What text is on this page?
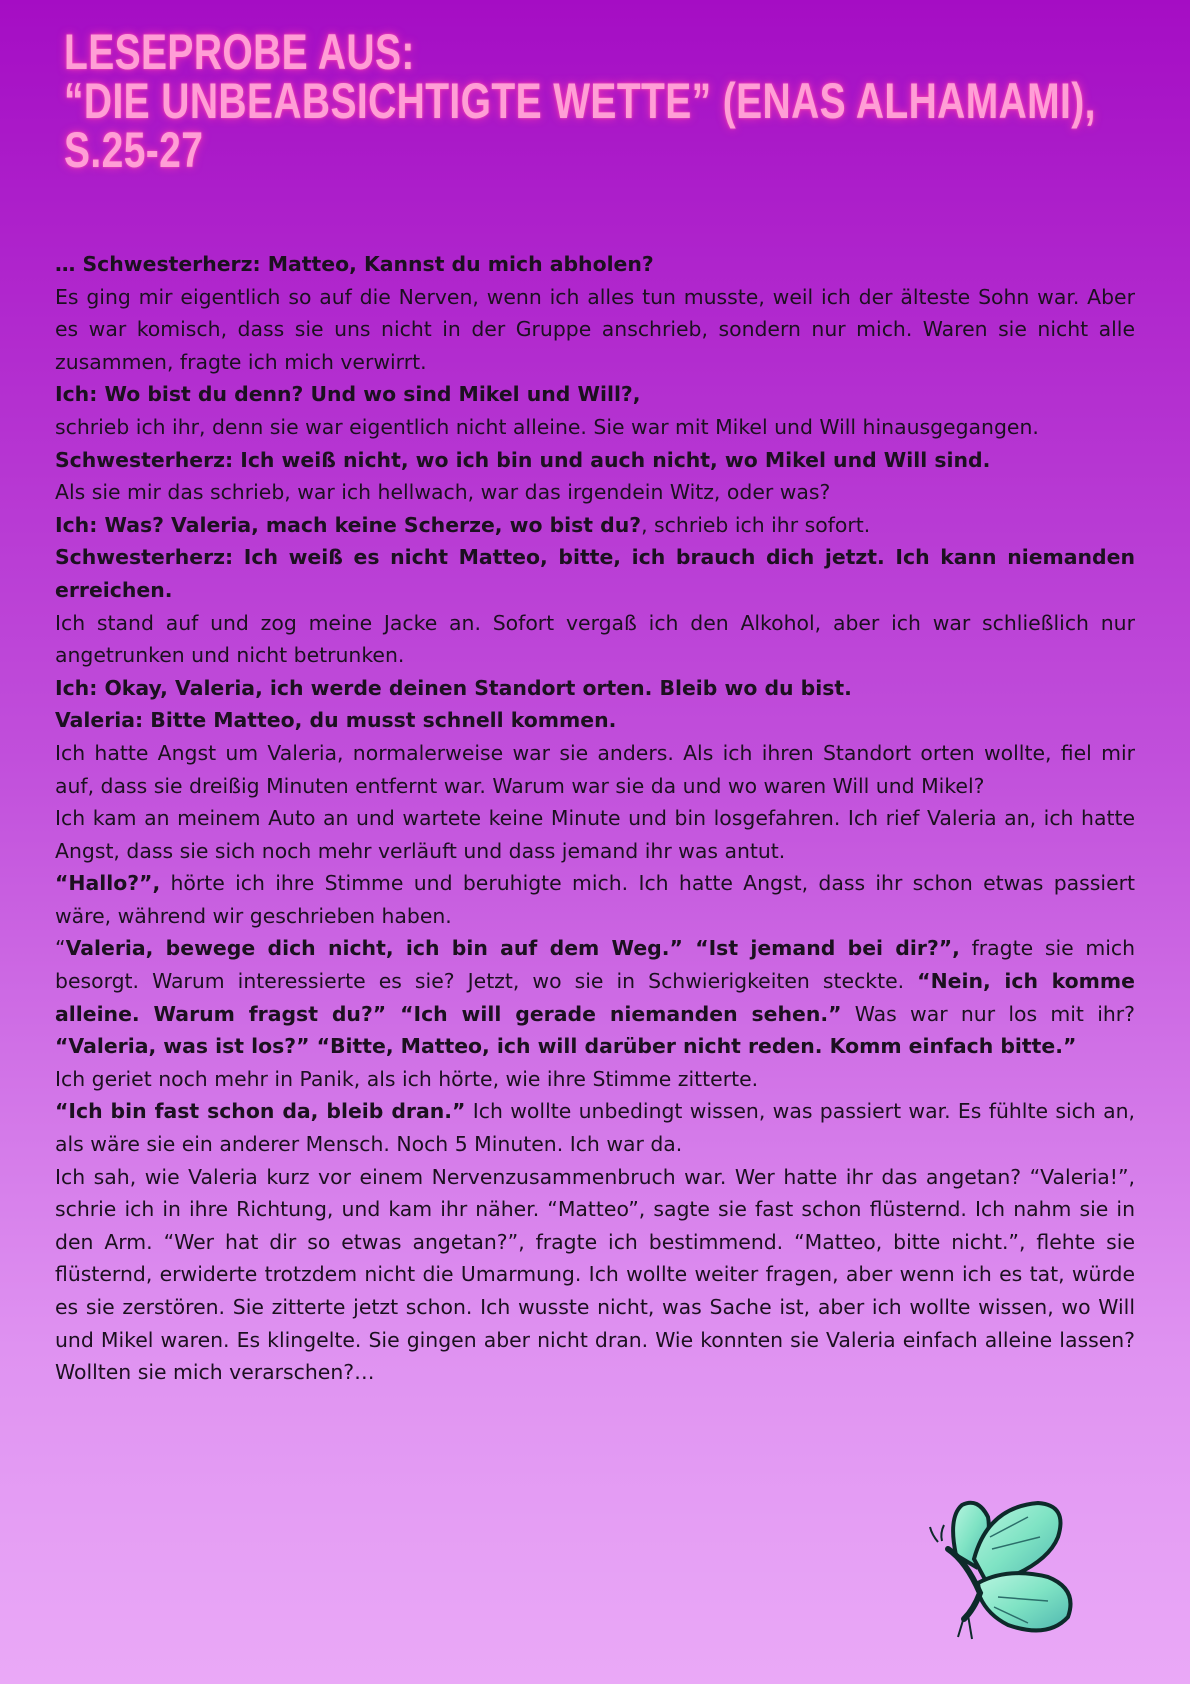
LESEPROBE AUS:
“DIE UNBEABSICHTIGTE WETTE” (ENAS ALHAMAMI),
S.25-27

… Schwesterherz: Matteo, Kannst du mich abholen?

Es ging mir eigentlich so auf die Nerven, wenn ich alles tun musste, weil ich der älteste Sohn war. Aber es war komisch, dass sie uns nicht in der Gruppe anschrieb, sondern nur mich. Waren sie nicht alle zusammen, fragte ich mich verwirrt.

Ich: Wo bist du denn? Und wo sind Mikel und Will?,

schrieb ich ihr, denn sie war eigentlich nicht alleine. Sie war mit Mikel und Will hinausgegangen.

Schwesterherz: Ich weiß nicht, wo ich bin und auch nicht, wo Mikel und Will sind.

Als sie mir das schrieb, war ich hellwach, war das irgendein Witz, oder was?

Ich: Was? Valeria, mach keine Scherze, wo bist du?, schrieb ich ihr sofort.

Schwesterherz: Ich weiß es nicht Matteo, bitte, ich brauch dich jetzt. Ich kann niemanden erreichen.

Ich stand auf und zog meine Jacke an. Sofort vergaß ich den Alkohol, aber ich war schließlich nur angetrunken und nicht betrunken.

Ich: Okay, Valeria, ich werde deinen Standort orten. Bleib wo du bist.

Valeria: Bitte Matteo, du musst schnell kommen.

Ich hatte Angst um Valeria, normalerweise war sie anders. Als ich ihren Standort orten wollte, fiel mir auf, dass sie dreißig Minuten entfernt war. Warum war sie da und wo waren Will und Mikel?

Ich kam an meinem Auto an und wartete keine Minute und bin losgefahren. Ich rief Valeria an, ich hatte Angst, dass sie sich noch mehr verläuft und dass jemand ihr was antut.

“Hallo?”, hörte ich ihre Stimme und beruhigte mich. Ich hatte Angst, dass ihr schon etwas passiert wäre, während wir geschrieben haben.

“Valeria, bewege dich nicht, ich bin auf dem Weg.” “Ist jemand bei dir?”, fragte sie mich besorgt. Warum interessierte es sie? Jetzt, wo sie in Schwierigkeiten steckte. “Nein, ich komme alleine. Warum fragst du?” “Ich will gerade niemanden sehen.” Was war nur los mit ihr? “Valeria, was ist los?” “Bitte, Matteo, ich will darüber nicht reden. Komm einfach bitte.”

Ich geriet noch mehr in Panik, als ich hörte, wie ihre Stimme zitterte.

“Ich bin fast schon da, bleib dran.” Ich wollte unbedingt wissen, was passiert war. Es fühlte sich an, als wäre sie ein anderer Mensch. Noch 5 Minuten. Ich war da.

Ich sah, wie Valeria kurz vor einem Nervenzusammenbruch war. Wer hatte ihr das angetan? “Valeria!”, schrie ich in ihre Richtung, und kam ihr näher. “Matteo”, sagte sie fast schon flüsternd. Ich nahm sie in den Arm. “Wer hat dir so etwas angetan?”, fragte ich bestimmend. “Matteo, bitte nicht.”, flehte sie flüsternd, erwiderte trotzdem nicht die Umarmung. Ich wollte weiter fragen, aber wenn ich es tat, würde es sie zerstören. Sie zitterte jetzt schon. Ich wusste nicht, was Sache ist, aber ich wollte wissen, wo Will und Mikel waren. Es klingelte. Sie gingen aber nicht dran. Wie konnten sie Valeria einfach alleine lassen? Wollten sie mich verarschen?…
